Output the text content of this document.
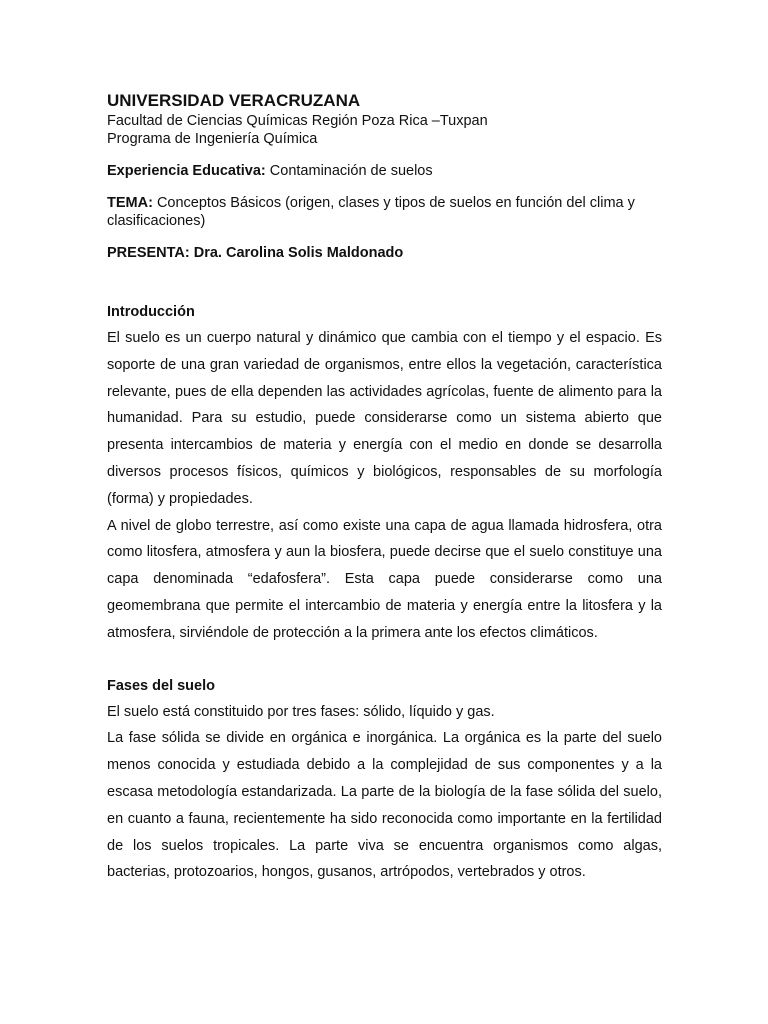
UNIVERSIDAD VERACRUZANA

Facultad de Ciencias Químicas Región Poza Rica –Tuxpan

Programa de Ingeniería Química

Experiencia Educativa: Contaminación de suelos
TEMA: Conceptos Básicos (origen, clases y tipos de suelos en función del clima y clasificaciones)
PRESENTA: Dra. Carolina Solis Maldonado

Introducción

El suelo es un cuerpo natural y dinámico que cambia con el tiempo y el espacio. Es soporte de una gran variedad de organismos, entre ellos la vegetación, característica relevante, pues de ella dependen las actividades agrícolas, fuente de alimento para la humanidad. Para su estudio, puede considerarse como un sistema abierto que presenta intercambios de materia y energía con el medio en donde se desarrolla diversos procesos físicos, químicos y biológicos, responsables de su morfología (forma) y propiedades.

A nivel de globo terrestre, así como existe una capa de agua llamada hidrosfera, otra como litosfera, atmosfera y aun la biosfera, puede decirse que el suelo constituye una capa denominada “edafosfera”. Esta capa puede considerarse como una geomembrana que permite el intercambio de materia y energía entre la litosfera y la atmosfera, sirviéndole de protección a la primera ante los efectos climáticos.

Fases del suelo

El suelo está constituido por tres fases: sólido, líquido y gas.

La fase sólida se divide en orgánica e inorgánica. La orgánica es la parte del suelo menos conocida y estudiada debido a la complejidad de sus componentes y a la escasa metodología estandarizada. La parte de la biología de la fase sólida del suelo, en cuanto a fauna, recientemente ha sido reconocida como importante en la fertilidad de los suelos tropicales. La parte viva se encuentra organismos como algas, bacterias, protozoarios, hongos, gusanos, artrópodos, vertebrados y otros.
